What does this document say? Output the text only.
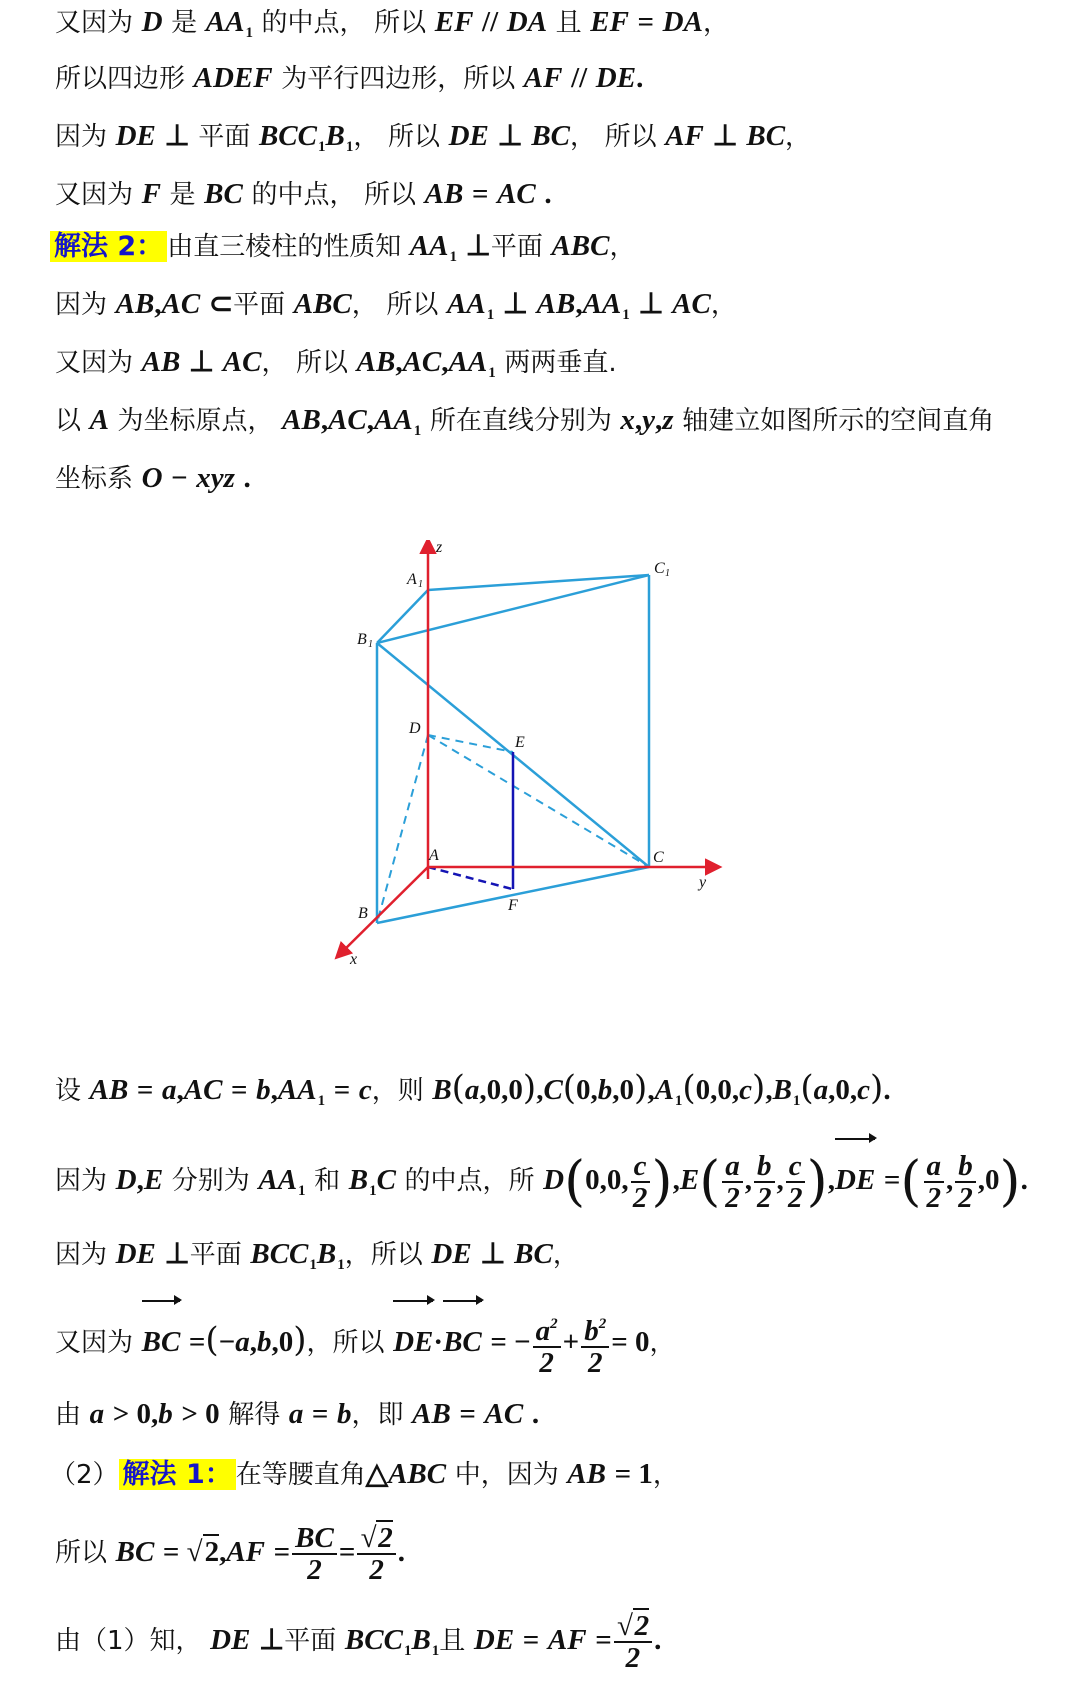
又因为 D 是 $AA_1$ 的中点， 所以 EF // DA 且 EF = DA，
所以四边形 ADEF 为平行四边形，所以 AF // DE.
因为 DE ⊥ 平面 $BCC_1B_1$， 所以 DE ⊥ BC， 所以 AF ⊥ BC，
又因为 F 是 BC 的中点， 所以 AB = AC .
解法 2： 由直三棱柱的性质知 $AA_1$ ⊥平面 ABC，
因为 AB,AC ⊂平面 ABC， 所以 $AA_1$ ⊥ $AB,AA_1$ ⊥ AC，
又因为 AB ⊥ AC， 所以 $AB,AC,AA_1$ 两两垂直.
以 A 为坐标原点， $AB,AC,AA_1$ 所在直线分别为 x,y,z 轴建立如图所示的空间直角
坐标系 O − xyz .
z
y
x
A
A 1
B 1
B
C
C 1
D
E
F
设 AB = $a,AC = b,AA_1 = c$，则 $B(a,0,0),C(0,b,0),A_1(0,0,c),B_1(a,0,c)$.
因为 D,E 分别为 $AA_1$ 和 $B_1C$ 的中点，所 D(0,0, $\frac{c}{2} ),E( \frac{a}{2}$ , $\frac{b}{2}$ , $\frac{c}{2} ),DE$ =( $\frac{a}{2}$ , $\frac{b}{2} ,0$).
因为 DE ⊥平面 $BCC_1B_1$，所以 DE ⊥ BC，
又因为 BC =(−a,b,0)，所以 DE·BC = − $\frac{a^2}{2} + \frac{b^2}{2} = 0$，
由 a > 0,b > 0 解得 a = b，即 AB = AC .
（2） 解法 1： 在等腰直角△ABC 中，因为 AB = 1，
所以 BC = $√2,AF = \frac{BC}{2} = \frac{√2}{2}$ .
由（1）知， DE ⊥平面 $BCC_1B_1$且 DE = AF = $\frac{√2}{2}$ .
